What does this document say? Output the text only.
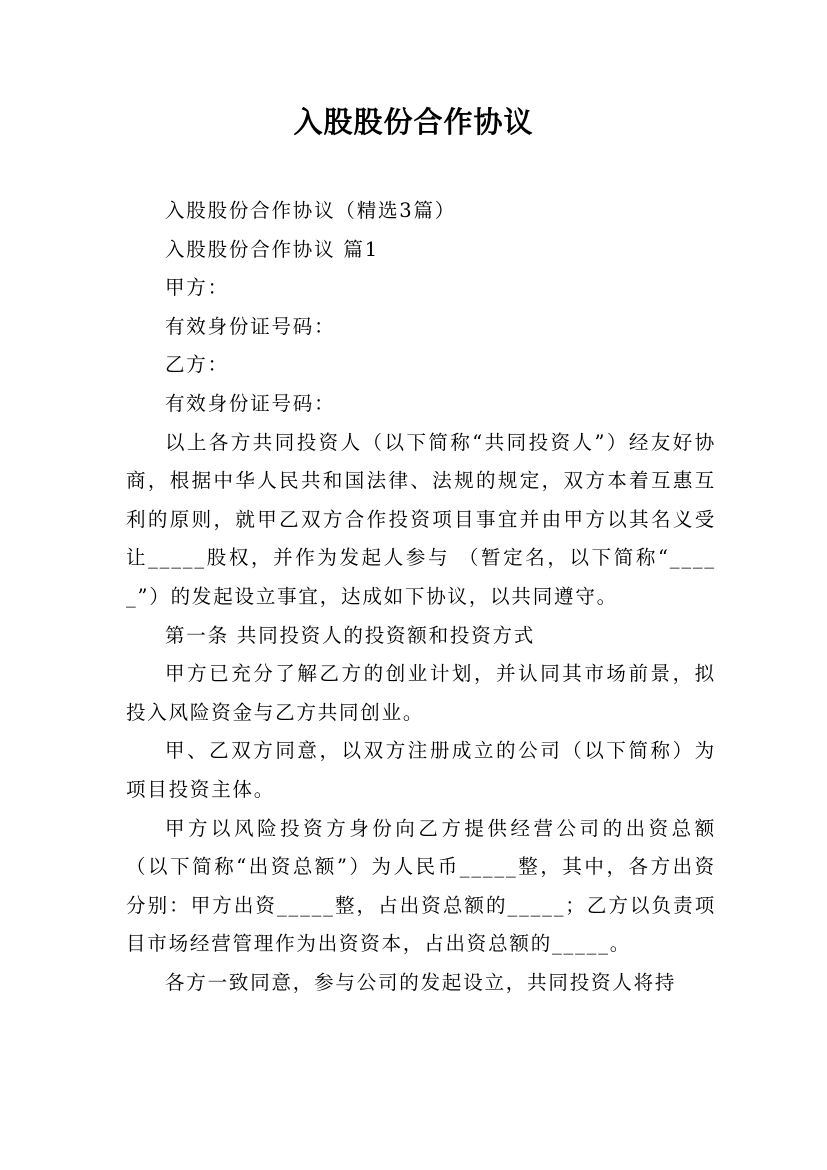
入股股份合作协议

入股股份合作协议（精选3篇）

入股股份合作协议 篇1

甲方：

有效身份证号码：

乙方：

有效身份证号码：

以上各方共同投资人（以下简称“共同投资人”）经友好协商，根据中华人民共和国法律、法规的规定，双方本着互惠互利的原则，就甲乙双方合作投资项目事宜并由甲方以其名义受让_____股权，并作为发起人参与 （暂定名，以下简称“_____”）的发起设立事宜，达成如下协议，以共同遵守。

第一条 共同投资人的投资额和投资方式

甲方已充分了解乙方的创业计划，并认同其市场前景，拟投入风险资金与乙方共同创业。

甲、乙双方同意，以双方注册成立的公司（以下简称）为项目投资主体。

甲方以风险投资方身份向乙方提供经营公司的出资总额（以下简称“出资总额”）为人民币_____整，其中，各方出资分别：甲方出资_____整，占出资总额的_____；乙方以负责项目市场经营管理作为出资资本，占出资总额的_____。

各方一致同意，参与公司的发起设立，共同投资人将持
